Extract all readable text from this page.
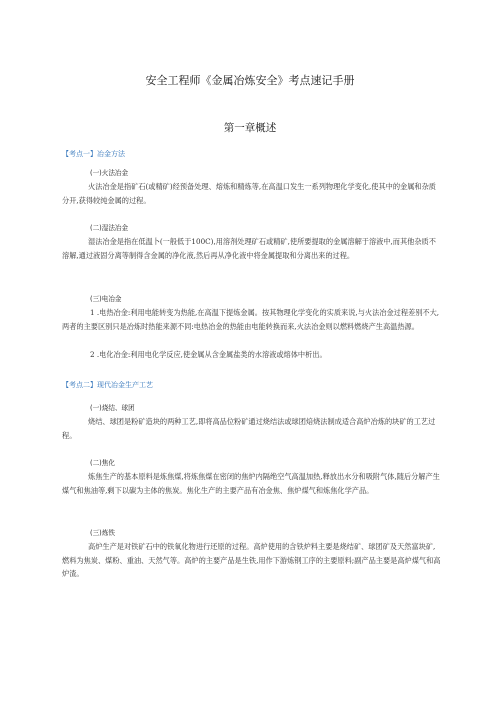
安全工程师《金属冶炼安全》考点速记手册
第一章概述
【考点一】冶金方法
(一)火法冶金

火法冶金是指矿石(或精矿)经预备处理、熔炼和精炼等,在高温口发生一系列物理化学变化,使其中的金属和杂质分开,获得较纯金属的过程。

(二)湿法冶金

湿法冶金是指在低温卜(一般低于100C),用溶剂处理矿石或精矿,使所要提取的金属溶解于溶液中,而其他杂质不溶解,通过液固分离等制得含金属的净化液,然后再从净化液中将金属提取和分离出来的过程。

(三)电冶金

1 .电热冶金:利用电能转变为热能,在高温下提炼金属。按其物理化学变化的实质来说,与火法冶金过程差别不大,两者的主要区别只是冶炼时热能来源不同:电热冶金的热能由电能转换而来,火法冶金则以燃料燃烧产生高温热源。

2 .电化冶金:利用电化学反应,使金属从含金属盐类的水溶液或熔体中析出。

【考点二】现代冶金生产工艺
(一)烧结、球团

烧结、球团是粉矿造块的两种工艺,即将高品位粉矿通过烧结法或球团焙烧法制成适合高炉冶炼的块矿的工艺过程。

(二)焦化

炼焦生产的基本原料是炼焦煤,将炼焦煤在密闭的焦炉内隔绝空气高温加热,释放出水分和吸附气体,随后分解产生煤气和焦油等,剩下以碳为主体的焦炭。焦化生产的主要产品有冶金焦、焦炉煤气和炼焦化学产品。

(三)炼铁

高炉生产是对铁矿石中的铁氧化物进行还原的过程。高炉使用的含铁炉料主要是烧结矿、球团矿及天然富块矿,燃料为焦炭、煤粉、重油、天然气等。高炉的主要产品是生铁,用作下游炼钢工序的主要原料;副产品主要是高炉煤气和高炉渣。
